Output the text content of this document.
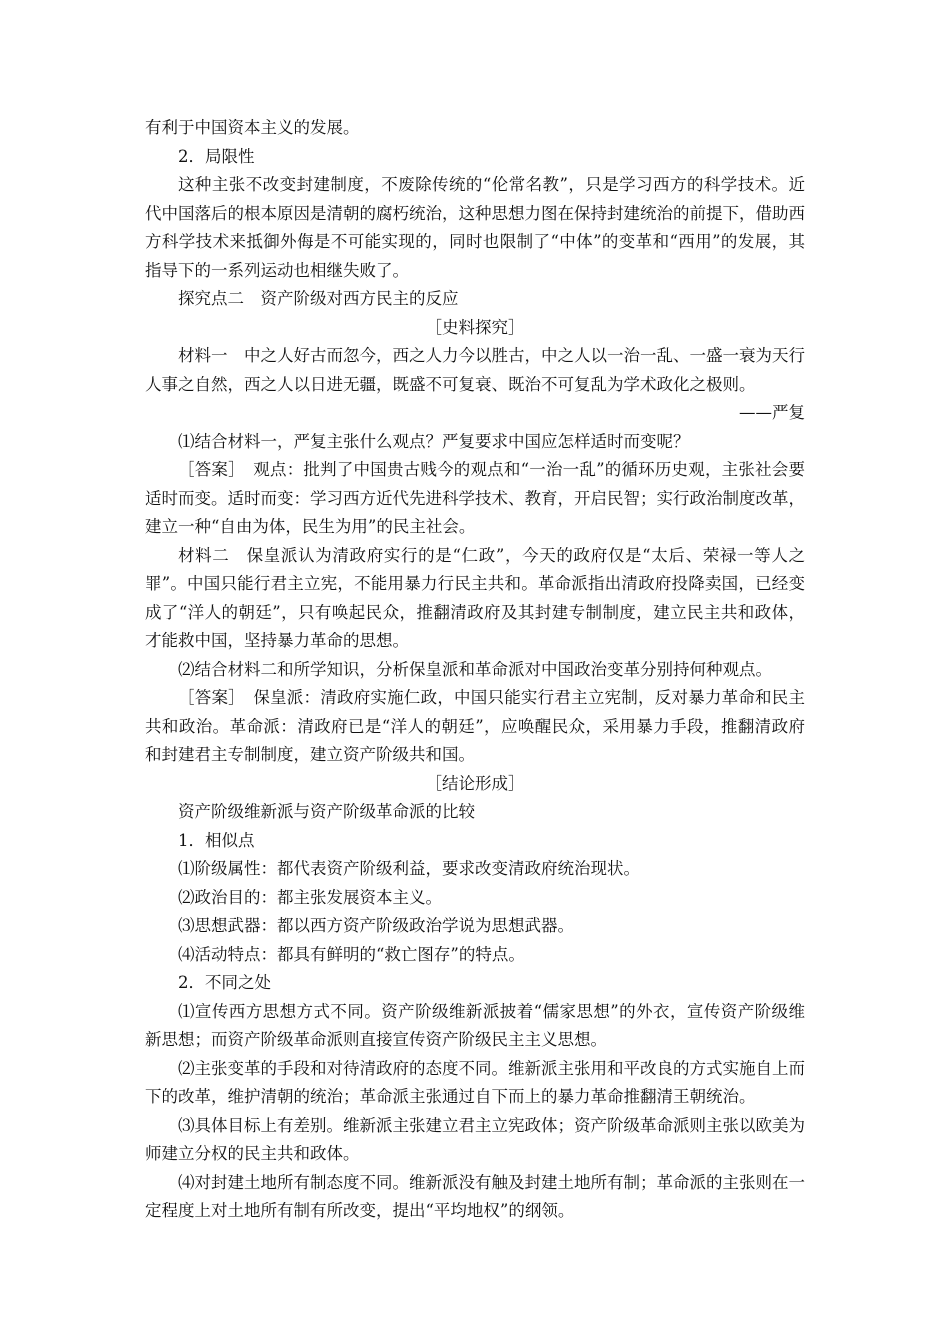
有利于中国资本主义的发展。

2．局限性

这种主张不改变封建制度，不废除传统的“伦常名教”，只是学习西方的科学技术。近代中国落后的根本原因是清朝的腐朽统治，这种思想力图在保持封建统治的前提下，借助西方科学技术来抵御外侮是不可能实现的，同时也限制了“中体”的变革和“西用”的发展，其指导下的一系列运动也相继失败了。

探究点二　资产阶级对西方民主的反应

［史料探究］

材料一　中之人好古而忽今，西之人力今以胜古，中之人以一治一乱、一盛一衰为天行人事之自然，西之人以日进无疆，既盛不可复衰、既治不可复乱为学术政化之极则。

——严复

⑴结合材料一，严复主张什么观点？严复要求中国应怎样适时而变呢？

［答案］　观点：批判了中国贵古贱今的观点和“一治一乱”的循环历史观，主张社会要适时而变。适时而变：学习西方近代先进科学技术、教育，开启民智；实行政治制度改革，建立一种“自由为体，民生为用”的民主社会。

材料二　保皇派认为清政府实行的是“仁政”，今天的政府仅是“太后、荣禄一等人之罪”。中国只能行君主立宪，不能用暴力行民主共和。革命派指出清政府投降卖国，已经变成了“洋人的朝廷”，只有唤起民众，推翻清政府及其封建专制制度，建立民主共和政体，才能救中国，坚持暴力革命的思想。

⑵结合材料二和所学知识，分析保皇派和革命派对中国政治变革分别持何种观点。

［答案］　保皇派：清政府实施仁政，中国只能实行君主立宪制，反对暴力革命和民主共和政治。革命派：清政府已是“洋人的朝廷”，应唤醒民众，采用暴力手段，推翻清政府和封建君主专制制度，建立资产阶级共和国。

［结论形成］

资产阶级维新派与资产阶级革命派的比较

1．相似点

⑴阶级属性：都代表资产阶级利益，要求改变清政府统治现状。

⑵政治目的：都主张发展资本主义。

⑶思想武器：都以西方资产阶级政治学说为思想武器。

⑷活动特点：都具有鲜明的“救亡图存”的特点。

2．不同之处

⑴宣传西方思想方式不同。资产阶级维新派披着“儒家思想”的外衣，宣传资产阶级维新思想；而资产阶级革命派则直接宣传资产阶级民主主义思想。

⑵主张变革的手段和对待清政府的态度不同。维新派主张用和平改良的方式实施自上而下的改革，维护清朝的统治；革命派主张通过自下而上的暴力革命推翻清王朝统治。

⑶具体目标上有差别。维新派主张建立君主立宪政体；资产阶级革命派则主张以欧美为师建立分权的民主共和政体。

⑷对封建土地所有制态度不同。维新派没有触及封建土地所有制；革命派的主张则在一定程度上对土地所有制有所改变，提出“平均地权”的纲领。
